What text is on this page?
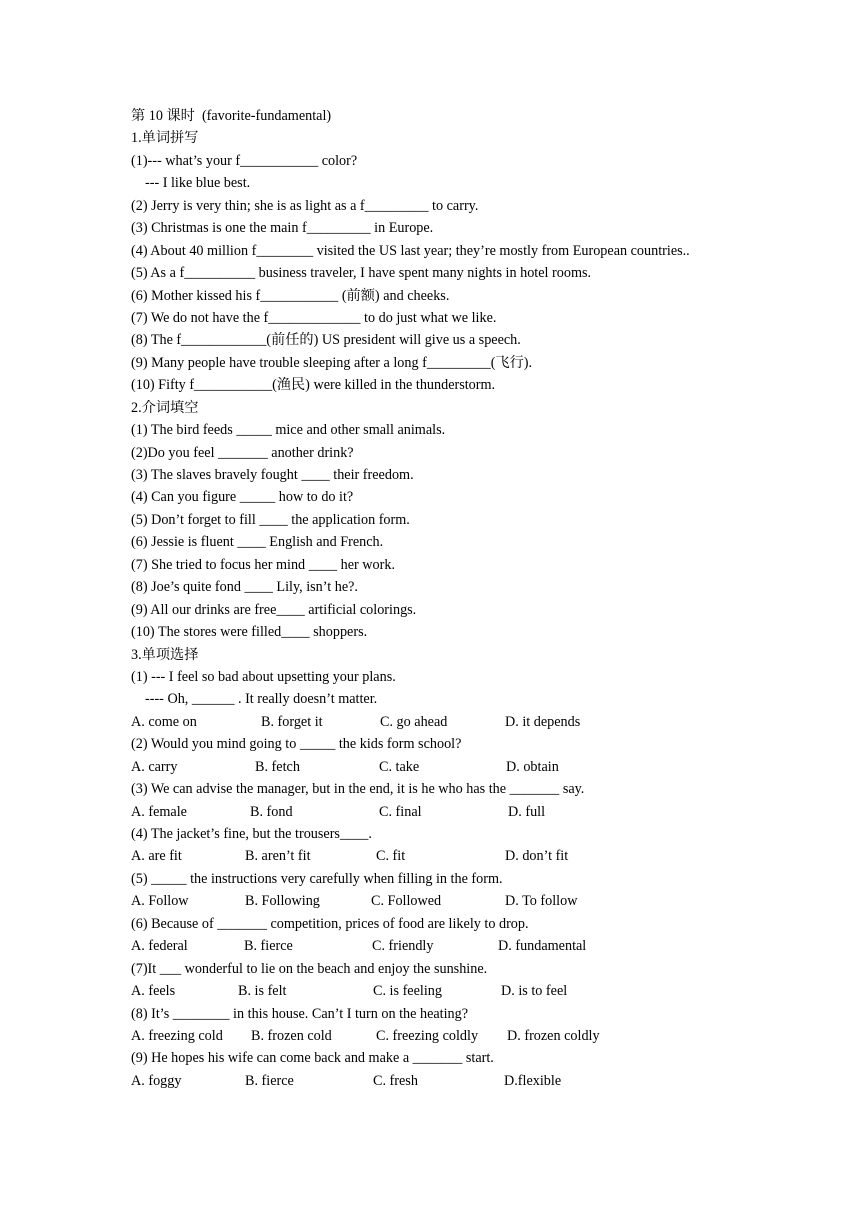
第 10 课时  (favorite-fundamental)
1.单词拼写
(1)--- what’s your f___________ color?
--- I like blue best.
(2) Jerry is very thin; she is as light as a f_________ to carry.
(3) Christmas is one the main f_________ in Europe.
(4) About 40 million f________ visited the US last year; they’re mostly from European countries..
(5) As a f__________ business traveler, I have spent many nights in hotel rooms.
(6) Mother kissed his f___________ (前额) and cheeks.
(7) We do not have the f_____________ to do just what we like.
(8) The f____________(前任的) US president will give us a speech.
(9) Many people have trouble sleeping after a long f_________(飞行).
(10) Fifty f___________(渔民) were killed in the thunderstorm.
2.介词填空
(1) The bird feeds _____ mice and other small animals.
(2)Do you feel _______ another drink?
(3) The slaves bravely fought ____ their freedom.
(4) Can you figure _____ how to do it?
(5) Don’t forget to fill ____ the application form.
(6) Jessie is fluent ____ English and French.
(7) She tried to focus her mind ____ her work.
(8) Joe’s quite fond ____ Lily, isn’t he?.
(9) All our drinks are free____ artificial colorings.
(10) The stores were filled____ shoppers.
3.单项选择
(1) --- I feel so bad about upsetting your plans.
---- Oh, ______ . It really doesn’t matter.

A. come on

	B. forget it

	C. go ahead

	D. it depends

(2) Would you mind going to _____ the kids form school?

A. carry

	B. fetch

	C. take

	D. obtain

(3) We can advise the manager, but in the end, it is he who has the _______ say.

A. female

	B. fond

	C. final

	D. full

(4) The jacket’s fine, but the trousers____.

A. are fit

	B. aren’t fit

	C. fit

	D. don’t fit

(5) _____ the instructions very carefully when filling in the form.

A. Follow

	B. Following

	C. Followed

	D. To follow

(6) Because of _______ competition, prices of food are likely to drop.

A. federal

	B. fierce

	C. friendly

	D. fundamental

(7)It ___ wonderful to lie on the beach and enjoy the sunshine.

A. feels

	B. is felt

	C. is feeling

	D. is to feel

(8) It’s ________ in this house. Can’t I turn on the heating?

A. freezing cold

B. frozen cold

	C. freezing coldly

D. frozen coldly

(9) He hopes his wife can come back and make a _______ start.

A. foggy

	B. fierce

	C. fresh

	D.flexible
